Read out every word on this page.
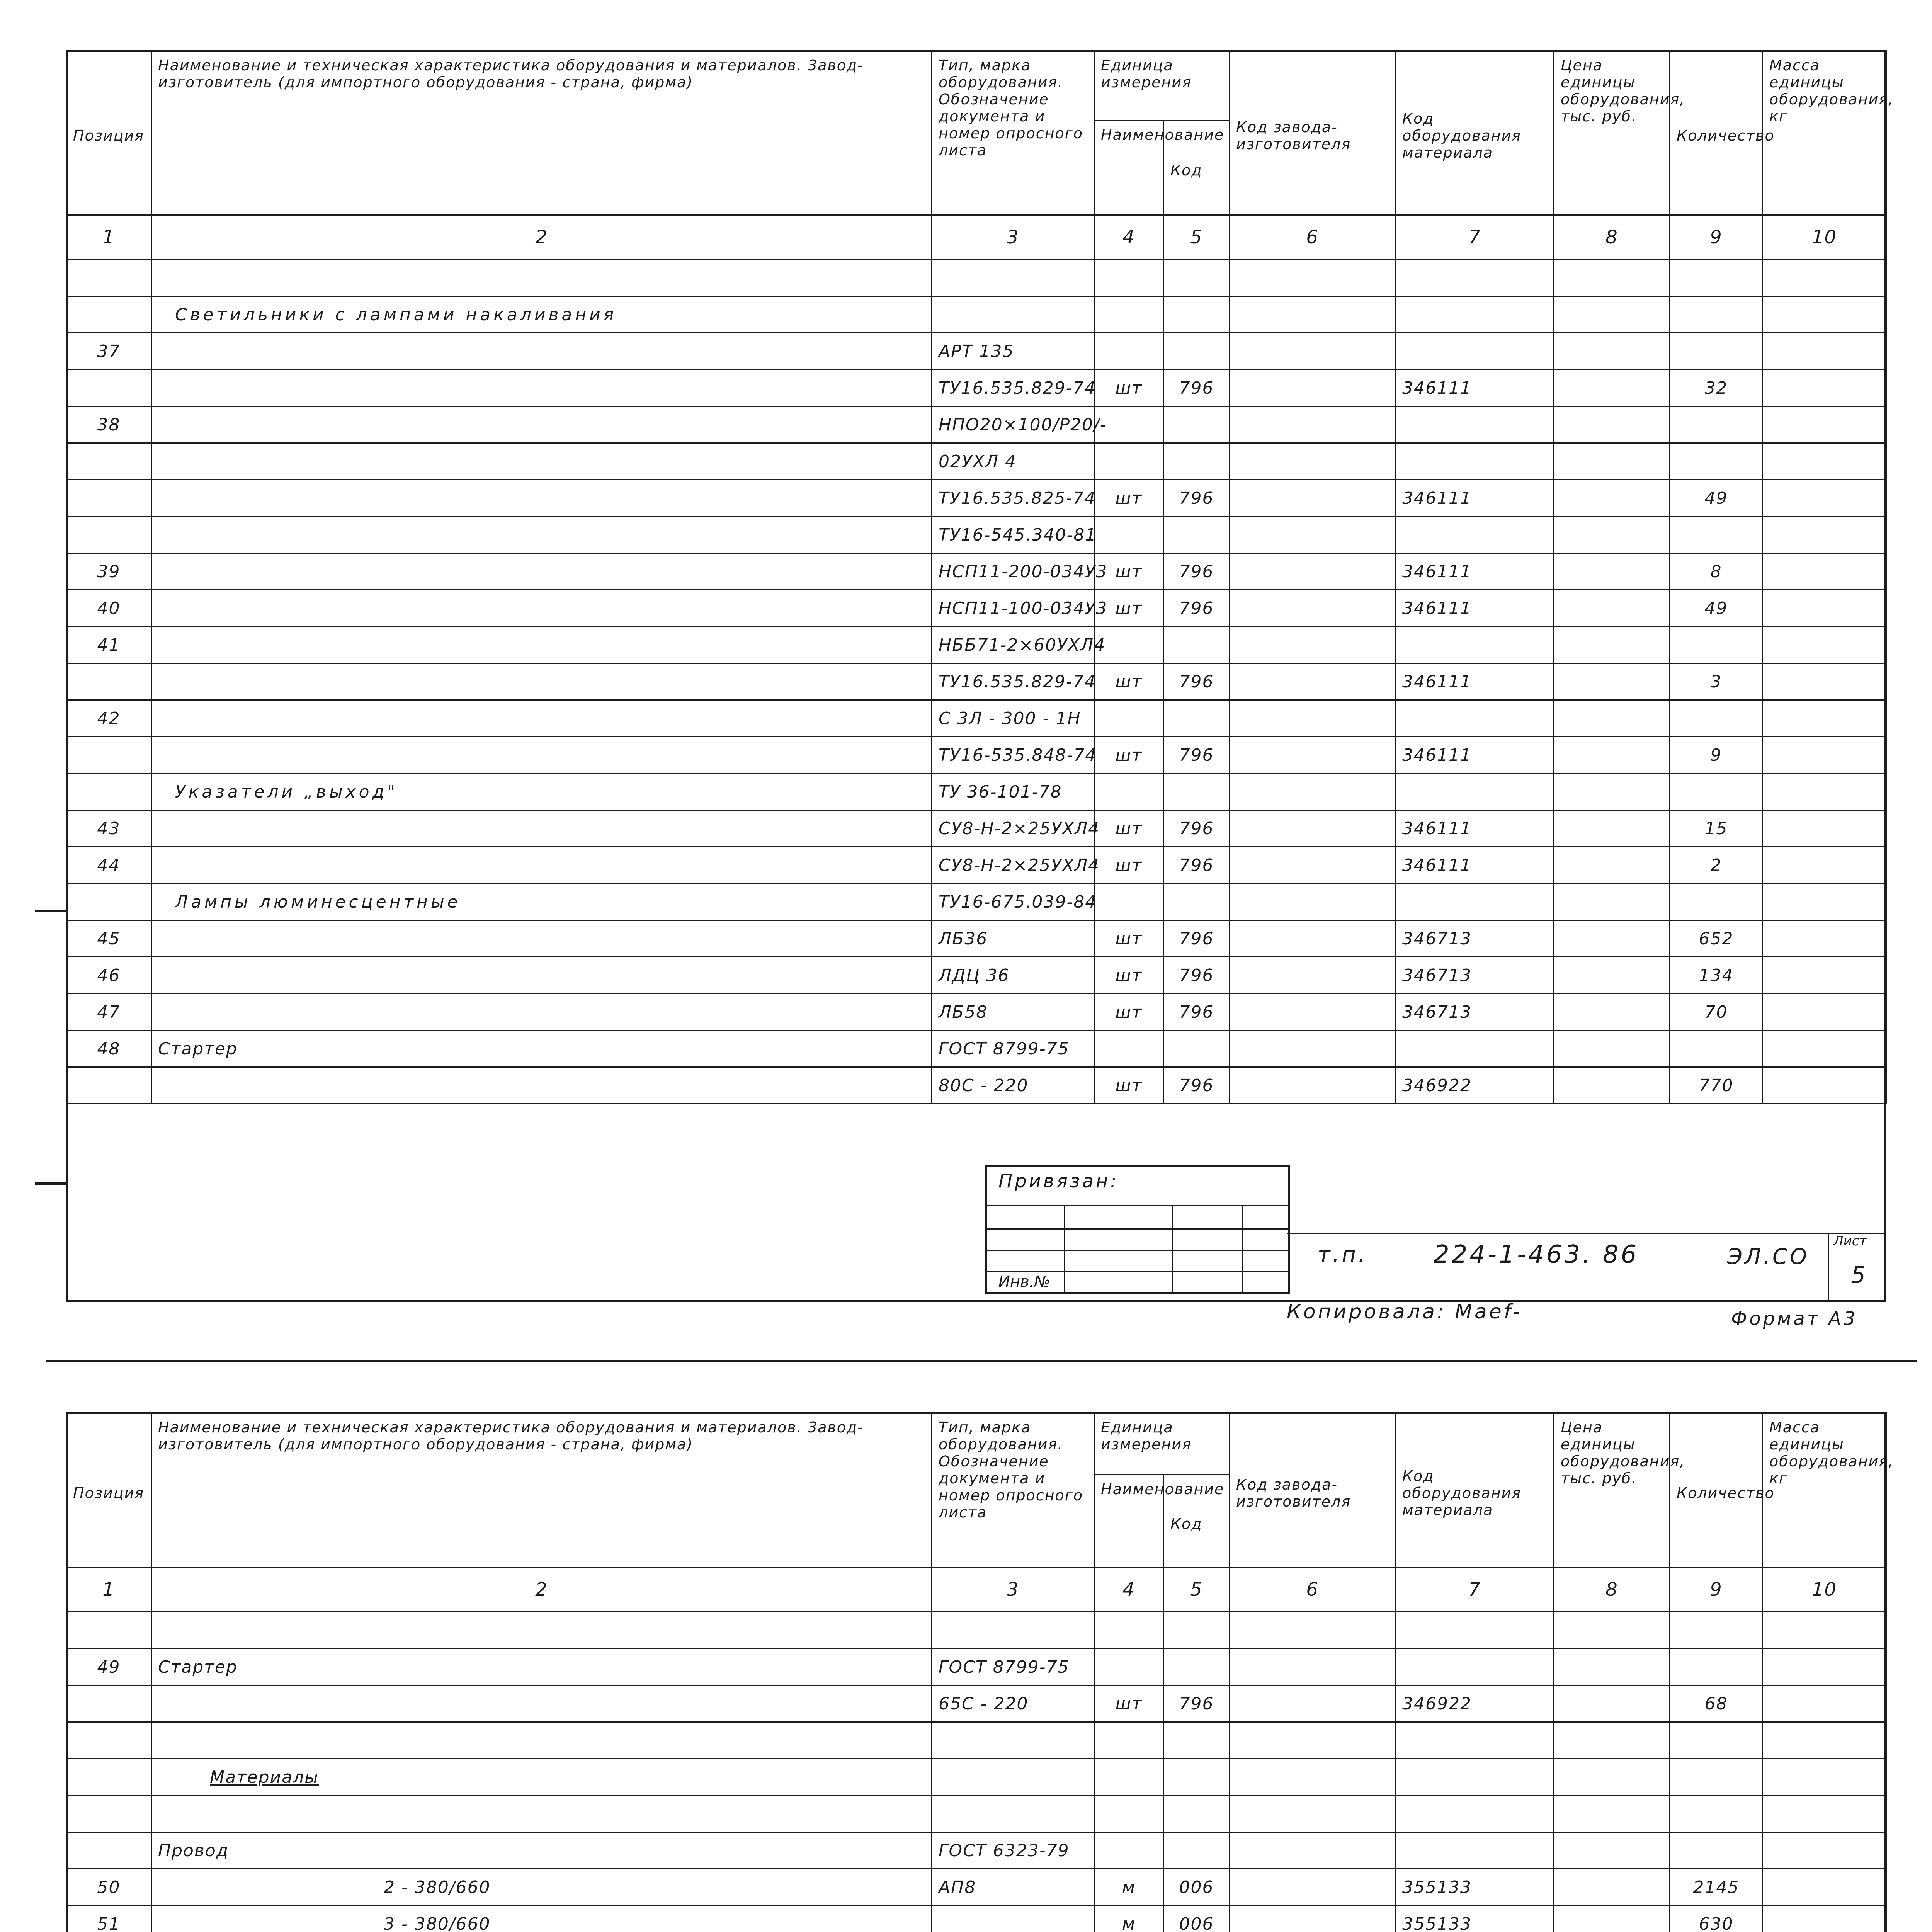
Позиция	Наименование и техническая характеристика оборудования и материалов. Завод-изготовитель (для импортного оборудования - страна, фирма)	Тип, марка оборудования. Обозначение документа и номер опросного листа	Единица измерения		Код завода-изготовителя	Код оборудования материала	Цена единицы оборудования, тыс. руб.	Количество	Масса единицы оборудования, кг
			Наименование	Код					
1	2	3	4	5	6	7	8	9	10

	Светильники с лампами накаливания								
37		АРТ 135							
		ТУ16.535.829-74	шт	796		346111		32	
38		НПО20×100/Р20/-							
		02УХЛ 4							
		ТУ16.535.825-74	шт	796		346111		49	
		ТУ16-545.340-81							
39		НСП11-200-034У3	шт	796		346111		8	
40		НСП11-100-034У3	шт	796		346111		49	
41		НББ71-2×60УХЛ4							
		ТУ16.535.829-74	шт	796		346111		3	
42		С 3Л - 300 - 1Н							
		ТУ16-535.848-74	шт	796		346111		9	
	Указатели „выход"	ТУ 36-101-78							
43		СУ8-Н-2×25УХЛ4	шт	796		346111		15	
44		СУ8-Н-2×25УХЛ4	шт	796		346111		2	
	Лампы люминесцентные	ТУ16-675.039-84							
45		ЛБ36	шт	796		346713		652	
46		ЛДЦ 36	шт	796		346713		134	
47		ЛБ58	шт	796		346713		70	
48	Стартер	ГОСТ 8799-75							
		80С - 220	шт	796		346922		770	
Привязан:
Инв.№
т.п.	224-1-463. 86	ЭЛ.СО
Лист
5
Копировала: Маеf-	Формат А3
Позиция	Наименование и техническая характеристика оборудования и материалов. Завод-изготовитель (для импортного оборудования - страна, фирма)	Тип, марка оборудования. Обозначение документа и номер опросного листа	Единица измерения		Код завода-изготовителя	Код оборудования материала	Цена единицы оборудования, тыс. руб.	Количество	Масса единицы оборудования, кг
			Наименование	Код					
1	2	3	4	5	6	7	8	9	10

49	Стартер	ГОСТ 8799-75							
		65С - 220	шт	796		346922		68	

	Материалы								

	Провод	ГОСТ 6323-79							
50	2 - 380/660	АП8	м	006		355133		2145	
51	3 - 380/660		м	006		355133		630	
